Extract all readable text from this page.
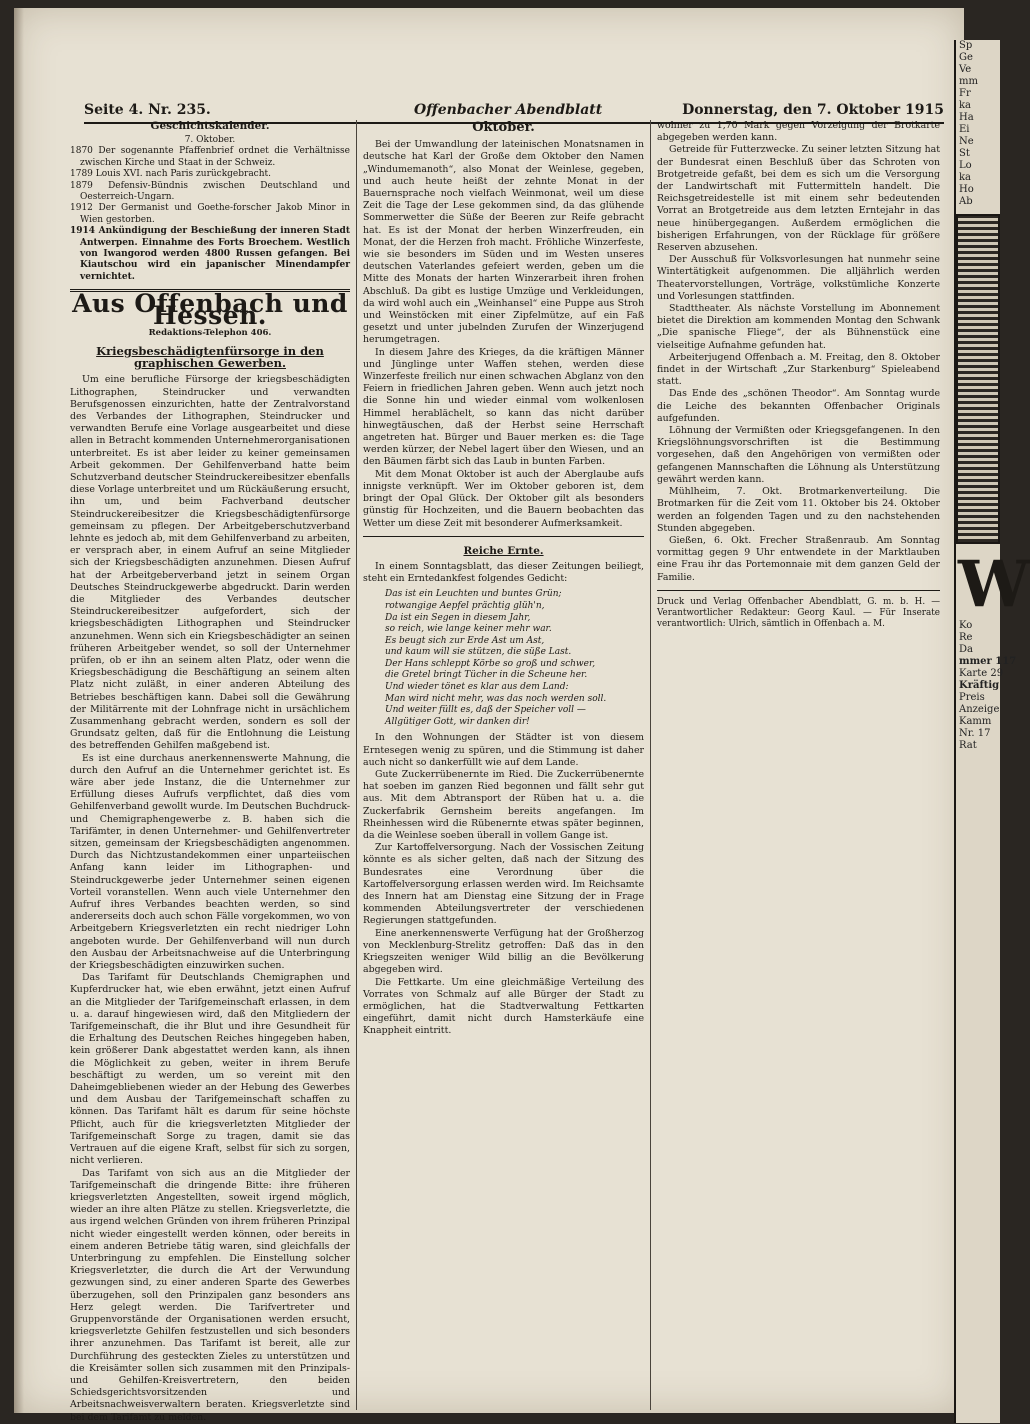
Seite 4. Nr. 235.	Offenbacher Abendblatt	Donnerstag, den 7. Oktober 1915
Geschichtskalender.
7. Oktober.
1870 Der sogenannte Pfaffenbrief ordnet die Verhältnisse zwischen Kirche und Staat in der Schweiz.
1789 Louis XVI. nach Paris zurückgebracht.
1879 Defensiv-Bündnis zwischen Deutschland und Oesterreich-Ungarn.
1912 Der Germanist und Goethe-forscher Jakob Minor in Wien gestorben.
1914 Ankündigung der Beschießung der inneren Stadt Antwerpen. Einnahme des Forts Broechem. Westlich von Iwangorod werden 4800 Russen gefangen. Bei Kiautschou wird ein japanischer Minendampfer vernichtet.
Aus Offenbach und Hessen.
Redaktions-Telephon 406.
Kriegsbeschädigtenfürsorge in den graphischen Gewerben.

Um eine berufliche Fürsorge der kriegsbeschädigten Lithographen, Steindrucker und verwandten Berufsgenossen einzurichten, hatte der Zentralvorstand des Verbandes der Lithographen, Steindrucker und verwandten Berufe eine Vorlage ausgearbeitet und diese allen in Betracht kommenden Unternehmerorganisationen unterbreitet. Es ist aber leider zu keiner gemeinsamen Arbeit gekommen. Der Gehilfenverband hatte beim Schutzverband deutscher Steindruckereibesitzer ebenfalls diese Vorlage unterbreitet und um Rückäußerung ersucht, ihn um, und beim Fachverband deutscher Steindruckereibesitzer die Kriegsbeschädigtenfürsorge gemeinsam zu pflegen. Der Arbeitgeberschutzverband lehnte es jedoch ab, mit dem Gehilfenverband zu arbeiten, er versprach aber, in einem Aufruf an seine Mitglieder sich der Kriegsbeschädigten anzunehmen. Diesen Aufruf hat der Arbeitgeberverband jetzt in seinem Organ Deutsches Steindruckgewerbe abgedruckt. Darin werden die Mitglieder des Verbandes deutscher Steindruckereibesitzer aufgefordert, sich der kriegsbeschädigten Lithographen und Steindrucker anzunehmen. Wenn sich ein Kriegsbeschädigter an seinen früheren Arbeitgeber wendet, so soll der Unternehmer prüfen, ob er ihn an seinem alten Platz, oder wenn die Kriegsbeschädigung die Beschäftigung an seinem alten Platz nicht zuläßt, in einer anderen Abteilung des Betriebes beschäftigen kann. Dabei soll die Gewährung der Militärrente mit der Lohnfrage nicht in ursächlichem Zusammenhang gebracht werden, sondern es soll der Grundsatz gelten, daß für die Entlohnung die Leistung des betreffenden Gehilfen maßgebend ist.

Es ist eine durchaus anerkennenswerte Mahnung, die durch den Aufruf an die Unternehmer gerichtet ist. Es wäre aber jede Instanz, die die Unternehmer zur Erfüllung dieses Aufrufs verpflichtet, daß dies vom Gehilfenverband gewollt wurde. Im Deutschen Buchdruck- und Chemigraphengewerbe z. B. haben sich die Tarifämter, in denen Unternehmer- und Gehilfenvertreter sitzen, gemeinsam der Kriegsbeschädigten angenommen. Durch das Nichtzustandekommen einer unparteiischen Anfang kann leider im Lithographen- und Steindruckgewerbe jeder Unternehmer seinen eigenen Vorteil voranstellen. Wenn auch viele Unternehmer den Aufruf ihres Verbandes beachten werden, so sind andererseits doch auch schon Fälle vorgekommen, wo von Arbeitgebern Kriegsverletzten ein recht niedriger Lohn angeboten wurde. Der Gehilfenverband will nun durch den Ausbau der Arbeitsnachweise auf die Unterbringung der Kriegsbeschädigten einzuwirken suchen.

Das Tarifamt für Deutschlands Chemigraphen und Kupferdrucker hat, wie eben erwähnt, jetzt einen Aufruf an die Mitglieder der Tarifgemeinschaft erlassen, in dem u. a. darauf hingewiesen wird, daß den Mitgliedern der Tarifgemeinschaft, die ihr Blut und ihre Gesundheit für die Erhaltung des Deutschen Reiches hingegeben haben, kein größerer Dank abgestattet werden kann, als ihnen die Möglichkeit zu geben, weiter in ihrem Berufe beschäftigt zu werden, um so vereint mit den Daheimgebliebenen wieder an der Hebung des Gewerbes und dem Ausbau der Tarifgemeinschaft schaffen zu können. Das Tarifamt hält es darum für seine höchste Pflicht, auch für die kriegsverletzten Mitglieder der Tarifgemeinschaft Sorge zu tragen, damit sie das Vertrauen auf die eigene Kraft, selbst für sich zu sorgen, nicht verlieren.

Das Tarifamt von sich aus an die Mitglieder der Tarifgemeinschaft die dringende Bitte: ihre früheren kriegsverletzten Angestellten, soweit irgend möglich, wieder an ihre alten Plätze zu stellen. Kriegsverletzte, die aus irgend welchen Gründen von ihrem früheren Prinzipal nicht wieder eingestellt werden können, oder bereits in einem anderen Betriebe tätig waren, sind gleichfalls der Unterbringung zu empfehlen. Die Einstellung solcher Kriegsverletzter, die durch die Art der Verwundung gezwungen sind, zu einer anderen Sparte des Gewerbes überzugehen, soll den Prinzipalen ganz besonders ans Herz gelegt werden. Die Tarifvertreter und Gruppenvorstände der Organisationen werden ersucht, kriegsverletzte Gehilfen festzustellen und sich besonders ihrer anzunehmen. Das Tarifamt ist bereit, alle zur Durchführung des gesteckten Zieles zu unterstützen und die Kreisämter sollen sich zusammen mit den Prinzipals- und Gehilfen-Kreisvertretern, den beiden Schiedsgerichtsvorsitzenden und Arbeitsnachweisverwaltern beraten. Kriegsverletzte sind bei dem Tarifamt zu melden.

Oktober.

Bei der Umwandlung der lateinischen Monatsnamen in deutsche hat Karl der Große dem Oktober den Namen „Windumemanoth“, also Monat der Weinlese, gegeben, und auch heute heißt der zehnte Monat in der Bauernsprache noch vielfach Weinmonat, weil um diese Zeit die Tage der Lese gekommen sind, da das glühende Sommerwetter die Süße der Beeren zur Reife gebracht hat. Es ist der Monat der herben Winzerfreuden, ein Monat, der die Herzen froh macht. Fröhliche Winzerfeste, wie sie besonders im Süden und im Westen unseres deutschen Vaterlandes gefeiert werden, geben um die Mitte des Monats der harten Winzerarbeit ihren frohen Abschluß. Da gibt es lustige Umzüge und Verkleidungen, da wird wohl auch ein „Weinhansel“ eine Puppe aus Stroh und Weinstöcken mit einer Zipfelmütze, auf ein Faß gesetzt und unter jubelnden Zurufen der Winzerjugend herumgetragen.

In diesem Jahre des Krieges, da die kräftigen Männer und Jünglinge unter Waffen stehen, werden diese Winzerfeste freilich nur einen schwachen Abglanz von den Feiern in friedlichen Jahren geben. Wenn auch jetzt noch die Sonne hin und wieder einmal vom wolkenlosen Himmel herablächelt, so kann das nicht darüber hinwegtäuschen, daß der Herbst seine Herrschaft angetreten hat. Bürger und Bauer merken es: die Tage werden kürzer, der Nebel lagert über den Wiesen, und an den Bäumen färbt sich das Laub in bunten Farben.

Mit dem Monat Oktober ist auch der Aberglaube aufs innigste verknüpft. Wer im Oktober geboren ist, dem bringt der Opal Glück. Der Oktober gilt als besonders günstig für Hochzeiten, und die Bauern beobachten das Wetter um diese Zeit mit besonderer Aufmerksamkeit.

Reiche Ernte.

In einem Sonntagsblatt, das dieser Zeitungen beiliegt, steht ein Erntedankfest folgendes Gedicht:

Das ist ein Leuchten und buntes Grün;
rotwangige Aepfel prächtig glüh'n,
Da ist ein Segen in diesem Jahr,
so reich, wie lange keiner mehr war.
Es beugt sich zur Erde Ast um Ast,
und kaum will sie stützen, die süße Last.
Der Hans schleppt Körbe so groß und schwer,
die Gretel bringt Tücher in die Scheune her.
Und wieder tönet es klar aus dem Land:
Man wird nicht mehr, was das noch werden soll.
Und weiter füllt es, daß der Speicher voll —
Allgütiger Gott, wir danken dir!

In den Wohnungen der Städter ist von diesem Erntesegen wenig zu spüren, und die Stimmung ist daher auch nicht so dankerfüllt wie auf dem Lande.

Gute Zuckerrübenernte im Ried. Die Zuckerrübenernte hat soeben im ganzen Ried begonnen und fällt sehr gut aus. Mit dem Abtransport der Rüben hat u. a. die Zuckerfabrik Gernsheim bereits angefangen. Im Rheinhessen wird die Rübenernte etwas später beginnen, da die Weinlese soeben überall in vollem Gange ist.

Zur Kartoffelversorgung. Nach der Vossischen Zeitung könnte es als sicher gelten, daß nach der Sitzung des Bundesrates eine Verordnung über die Kartoffelversorgung erlassen werden wird. Im Reichsamte des Innern hat am Dienstag eine Sitzung der in Frage kommenden Abteilungsvertreter der verschiedenen Regierungen stattgefunden.

Eine anerkennenswerte Verfügung hat der Großherzog von Mecklenburg-Strelitz getroffen: Daß das in den Kriegszeiten weniger Wild billig an die Bevölkerung abgegeben wird.

Die Fettkarte. Um eine gleichmäßige Verteilung des Vorrates von Schmalz auf alle Bürger der Stadt zu ermöglichen, hat die Stadtverwaltung Fettkarten eingeführt, damit nicht durch Hamsterkäufe eine Knappheit eintritt.

wohner zu 1,70 Mark gegen Vorzeigung der Brotkarte abgegeben werden kann.

Getreide für Futterzwecke. Zu seiner letzten Sitzung hat der Bundesrat einen Beschluß über das Schroten von Brotgetreide gefaßt, bei dem es sich um die Versorgung der Landwirtschaft mit Futtermitteln handelt. Die Reichsgetreidestelle ist mit einem sehr bedeutenden Vorrat an Brotgetreide aus dem letzten Erntejahr in das neue hinübergegangen. Außerdem ermöglichen die bisherigen Erfahrungen, von der Rücklage für größere Reserven abzusehen.

Der Ausschuß für Volksvorlesungen hat nunmehr seine Wintertätigkeit aufgenommen. Die alljährlich werden Theatervorstellungen, Vorträge, volkstümliche Konzerte und Vorlesungen stattfinden.

Stadttheater. Als nächste Vorstellung im Abonnement bietet die Direktion am kommenden Montag den Schwank „Die spanische Fliege“, der als Bühnenstück eine vielseitige Aufnahme gefunden hat.

Arbeiterjugend Offenbach a. M. Freitag, den 8. Oktober findet in der Wirtschaft „Zur Starkenburg“ Spieleabend statt.

Das Ende des „schönen Theodor“. Am Sonntag wurde die Leiche des bekannten Offenbacher Originals aufgefunden.

Löhnung der Vermißten oder Kriegsgefangenen. In den Kriegslöhnungsvorschriften ist die Bestimmung vorgesehen, daß den Angehörigen von vermißten oder gefangenen Mannschaften die Löhnung als Unterstützung gewährt werden kann.

Mühlheim, 7. Okt. Brotmarkenverteilung. Die Brotmarken für die Zeit vom 11. Oktober bis 24. Oktober werden an folgenden Tagen und zu den nachstehenden Stunden abgegeben.

Gießen, 6. Okt. Frecher Straßenraub. Am Sonntag vormittag gegen 9 Uhr entwendete in der Marktlauben eine Frau ihr das Portemonnaie mit dem ganzen Geld der Familie.

Druck und Verlag Offenbacher Abendblatt, G. m. b. H. — Verantwortlicher Redakteur: Georg Kaul. — Für Inserate verantwortlich: Ulrich, sämtlich in Offenbach a. M.
Sp
Ge
Ve
mm
Fr
ka
Ha
Ei
Ne
St
Lo
ka
Ho
Ab
W
Ko
Re
Da
mmer 117
Karte 29
Kräftig
Preis
Anzeige
Kamm
Nr. 17
Rat
